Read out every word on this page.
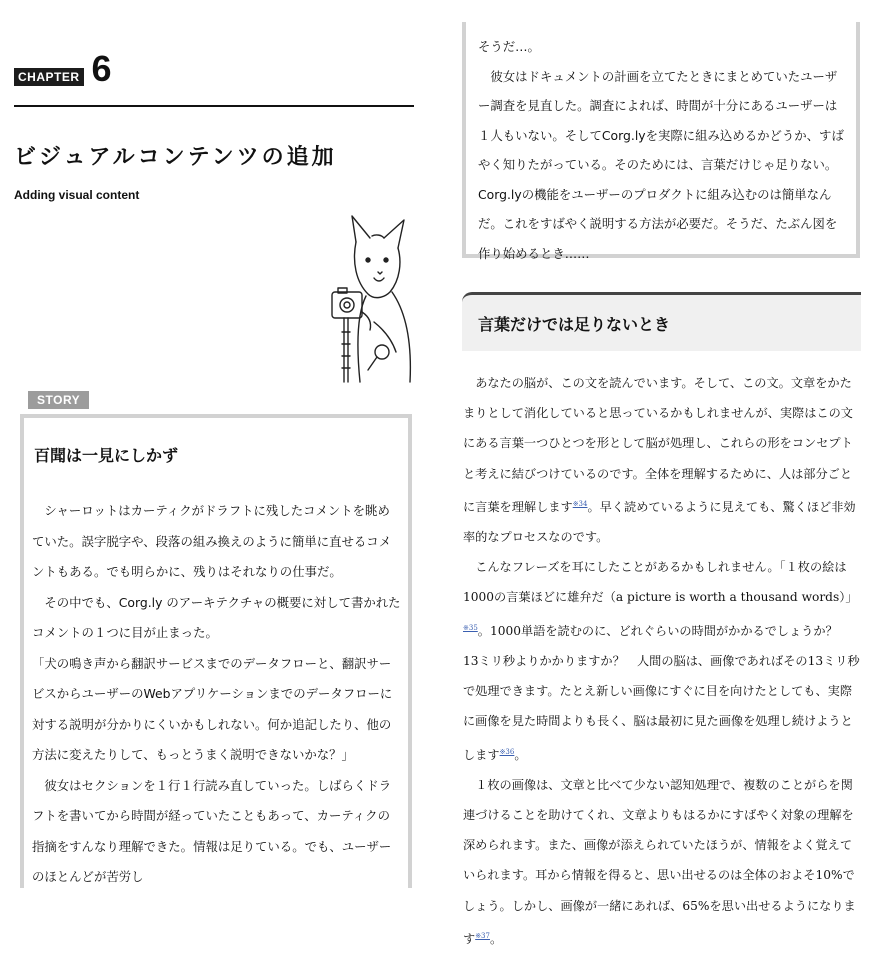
CHAPTER 6
ビジュアルコンテンツの追加
Adding visual content
STORY
百聞は一見にしかず

シャーロットはカーティクがドラフトに残したコメントを眺めていた。誤字脱字や、段落の組み換えのように簡単に直せるコメントもある。でも明らかに、残りはそれなりの仕事だ。

その中でも、Corg.ly のアーキテクチャの概要に対して書かれたコメントの１つに目が止まった。

「犬の鳴き声から翻訳サービスまでのデータフローと、翻訳サービスからユーザーのWebアプリケーションまでのデータフローに対する説明が分かりにくいかもしれない。何か追記したり、他の方法に変えたりして、もっとうまく説明できないかな？」

彼女はセクションを１行１行読み直していった。しばらくドラフトを書いてから時間が経っていたこともあって、カーティクの指摘をすんなり理解できた。情報は足りている。でも、ユーザーのほとんどが苦労し

そうだ…。

彼女はドキュメントの計画を立てたときにまとめていたユーザー調査を見直した。調査によれば、時間が十分にあるユーザーは１人もいない。そしてCorg.lyを実際に組み込めるかどうか、すばやく知りたがっている。そのためには、言葉だけじゃ足りない。Corg.lyの機能をユーザーのプロダクトに組み込むのは簡単なんだ。これをすばやく説明する方法が必要だ。そうだ、たぶん図を作り始めるとき……

言葉だけでは足りないとき

あなたの脳が、この文を読んでいます。そして、この文。文章をかたまりとして消化していると思っているかもしれませんが、実際はこの文にある言葉一つひとつを形として脳が処理し、これらの形をコンセプトと考えに結びつけているのです。全体を理解するために、人は部分ごとに言葉を理解します$^{※34}$。早く読めているように見えても、驚くほど非効率的なプロセスなのです。

こんなフレーズを耳にしたことがあるかもしれません。「１枚の絵は1000の言葉ほどに雄弁だ（a picture is worth a thousand words）」$^{※35}$。1000単語を読むのに、どれぐらいの時間がかかるでしょうか？　13ミリ秒よりかかりますか？　人間の脳は、画像であればその13ミリ秒で処理できます。たとえ新しい画像にすぐに目を向けたとしても、実際に画像を見た時間よりも長く、脳は最初に見た画像を処理し続けようとします$^{※36}$。

１枚の画像は、文章と比べて少ない認知処理で、複数のことがらを関連づけることを助けてくれ、文章よりもはるかにすばやく対象の理解を深められます。また、画像が添えられていたほうが、情報をよく覚えていられます。耳から情報を得ると、思い出せるのは全体のおよそ10%でしょう。しかし、画像が一緒にあれば、65%を思い出せるようになります$^{※37}$。
